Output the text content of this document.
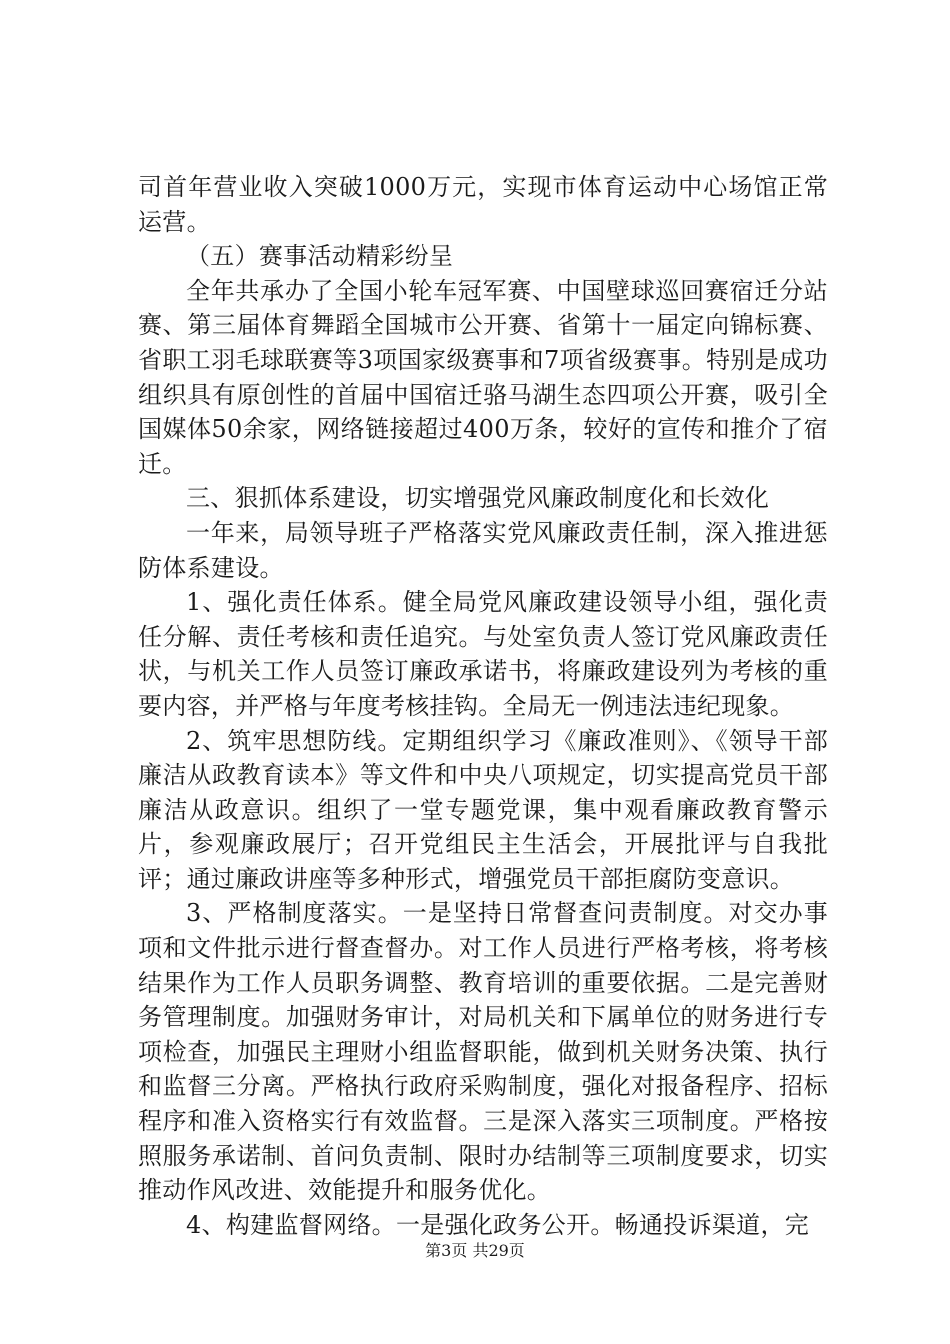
司首年营业收入突破1000万元，实现市体育运动中心场馆正常运营。

（五）赛事活动精彩纷呈

全年共承办了全国小轮车冠军赛、中国壁球巡回赛宿迁分站赛、第三届体育舞蹈全国城市公开赛、省第十一届定向锦标赛、省职工羽毛球联赛等3项国家级赛事和7项省级赛事。特别是成功组织具有原创性的首届中国宿迁骆马湖生态四项公开赛，吸引全国媒体50余家，网络链接超过400万条，较好的宣传和推介了宿迁。

三、狠抓体系建设，切实增强党风廉政制度化和长效化

一年来，局领导班子严格落实党风廉政责任制，深入推进惩防体系建设。

1、强化责任体系。健全局党风廉政建设领导小组，强化责任分解、责任考核和责任追究。与处室负责人签订党风廉政责任状，与机关工作人员签订廉政承诺书，将廉政建设列为考核的重要内容，并严格与年度考核挂钩。全局无一例违法违纪现象。

2、筑牢思想防线。定期组织学习《廉政准则》、《领导干部廉洁从政教育读本》等文件和中央八项规定，切实提高党员干部廉洁从政意识。组织了一堂专题党课，集中观看廉政教育警示片，参观廉政展厅；召开党组民主生活会，开展批评与自我批评；通过廉政讲座等多种形式，增强党员干部拒腐防变意识。

3、严格制度落实。一是坚持日常督查问责制度。对交办事项和文件批示进行督查督办。对工作人员进行严格考核，将考核结果作为工作人员职务调整、教育培训的重要依据。二是完善财务管理制度。加强财务审计，对局机关和下属单位的财务进行专项检查，加强民主理财小组监督职能，做到机关财务决策、执行和监督三分离。严格执行政府采购制度，强化对报备程序、招标程序和准入资格实行有效监督。三是深入落实三项制度。严格按照服务承诺制、首问负责制、限时办结制等三项制度要求，切实推动作风改进、效能提升和服务优化。

4、构建监督网络。一是强化政务公开。畅通投诉渠道，完

第3页 共29页
